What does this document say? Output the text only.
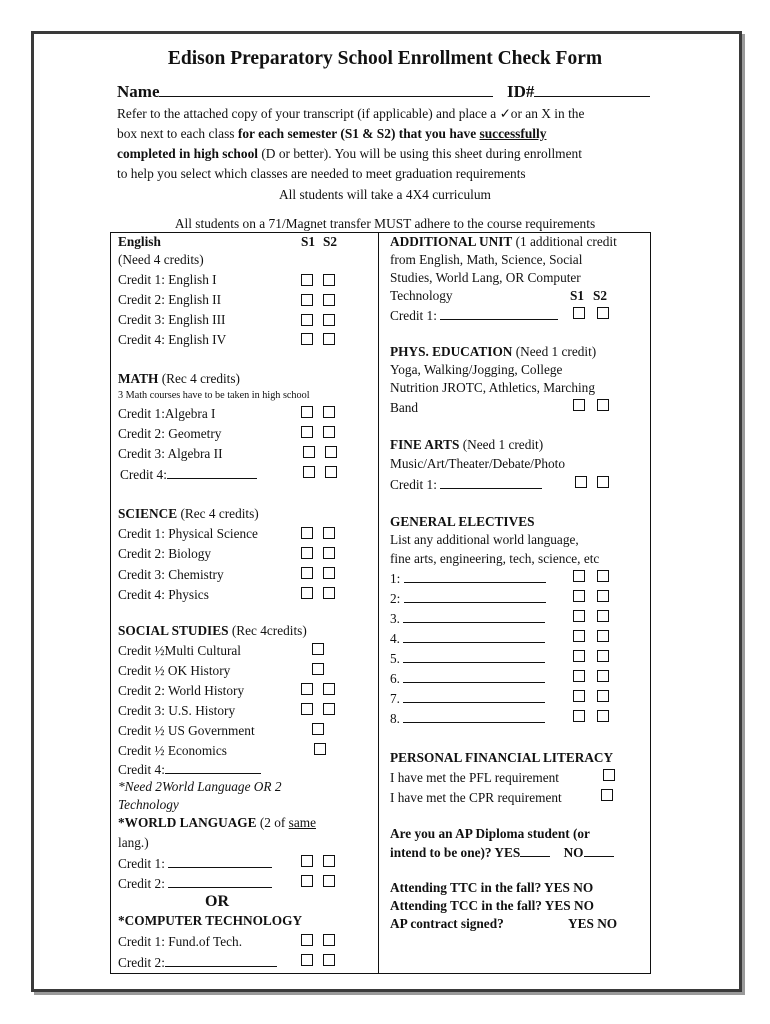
Edison Preparatory School Enrollment Check Form
Name	ID#
Refer to the attached copy of your transcript (if applicable) and place a ✓or an X in the
box next to each class for each semester (S1 & S2) that you have successfully
completed in high school (D or better). You will be using this sheet during enrollment
to help you select which classes are needed to meet graduation requirements
All students will take a 4X4 curriculum
All students on a 71/Magnet transfer MUST adhere to the course requirements
English	S1 S2
(Need 4 credits)
Credit 1: English I
Credit 2: English II
Credit 3: English III
Credit 4: English IV
MATH (Rec 4 credits)
3 Math courses have to be taken in high school
Credit 1:Algebra I
Credit 2: Geometry
Credit 3: Algebra II
Credit 4:
SCIENCE (Rec 4 credits)
Credit 1: Physical Science
Credit 2: Biology
Credit 3: Chemistry
Credit 4: Physics
SOCIAL STUDIES (Rec 4credits)
Credit ½Multi Cultural
Credit ½ OK History
Credit 2: World History
Credit 3: U.S. History
Credit ½ US Government
Credit ½ Economics
Credit 4:
*Need 2World Language OR 2
Technology
*WORLD LANGUAGE (2 of same
lang.)
Credit 1:
Credit 2:
OR
*COMPUTER TECHNOLOGY
Credit 1: Fund.of Tech.
Credit 2:
ADDITIONAL UNIT (1 additional credit
from English, Math, Science, Social
Studies, World Lang, OR Computer
Technology	S1 S2
Credit 1:
PHYS. EDUCATION (Need 1 credit)
Yoga, Walking/Jogging, College
Nutrition JROTC, Athletics, Marching
Band
FINE ARTS (Need 1 credit)
Music/Art/Theater/Debate/Photo
Credit 1:
GENERAL ELECTIVES
List any additional world language,
fine arts, engineering, tech, science, etc
1:
2:
3.
4.
5.
6.
7.
8.
PERSONAL FINANCIAL LITERACY
I have met the PFL requirement
I have met the CPR requirement
Are you an AP Diploma student (or
intend to be one)? YES	NO
Attending TTC in the fall? YES NO
Attending TCC in the fall? YES NO
AP contract signed?	YES NO
